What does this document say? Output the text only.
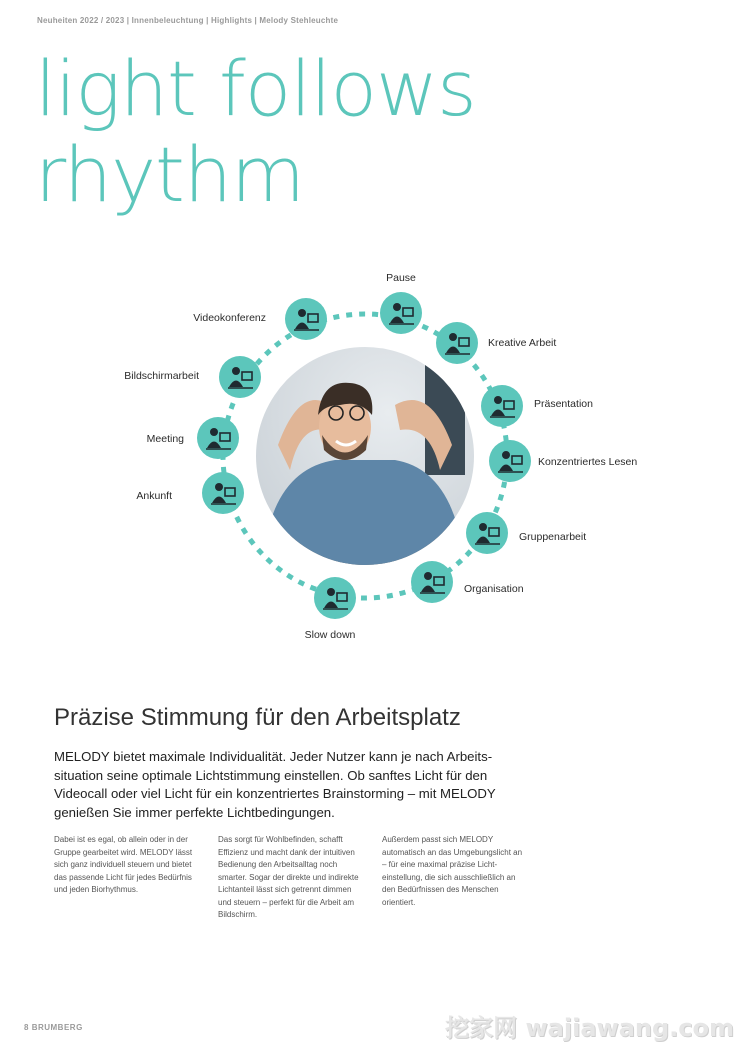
Neuheiten 2022 / 2023 | Innenbeleuchtung | Highlights | Melody Stehleuchte
light follows
rhythm
Pause
Kreative Arbeit
Präsentation
Konzentriertes Lesen
Gruppenarbeit
Organisation
Slow down
Ankunft
Meeting
Bildschirmarbeit
Videokonferenz
Präzise Stimmung für den Arbeitsplatz

MELODY bietet maximale Individualität. Jeder Nutzer kann je nach Arbeitssituation seine optimale Lichtstimmung einstellen. Ob sanftes Licht für den Videocall oder viel Licht für ein konzentriertes Brainstorming – mit MELODY genießen Sie immer perfekte Lichtbedingungen.

Dabei ist es egal, ob allein oder in der Gruppe gearbeitet wird. MELODY lässt sich ganz individuell steuern und bietet das passende Licht für jedes Bedürfnis und jeden Biorhythmus.

Das sorgt für Wohlbefinden, schafft Effizienz und macht dank der intuitiven Bedienung den Arbeitsalltag noch smarter. Sogar der direkte und indirekte Lichtanteil lässt sich getrennt dimmen und steuern – perfekt für die Arbeit am Bildschirm.

Außerdem passt sich MELODY automatisch an das Umgebungslicht an – für eine maximal präzise Lichteinstellung, die sich ausschließlich an den Bedürfnissen des Menschen orientiert.

8 BRUMBERG	挖家网 wajiawang.com
